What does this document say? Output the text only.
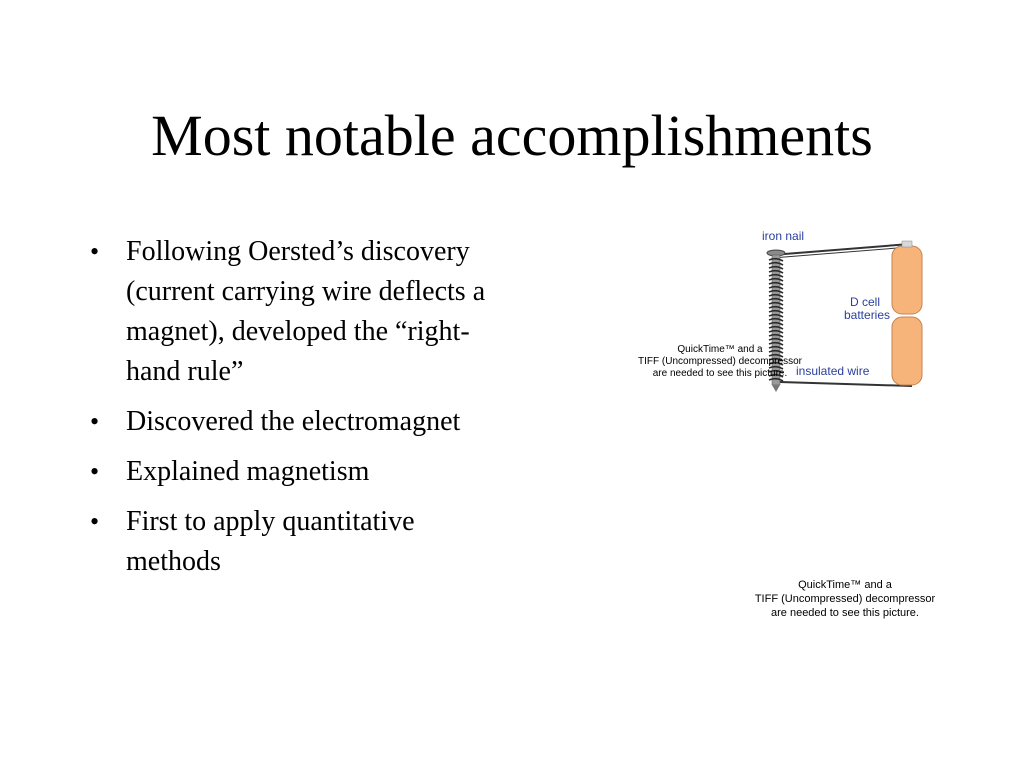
Most notable accomplishments
• Following Oersted’s discovery (current carrying wire deflects a magnet), developed the “right-hand rule”
• Discovered the electromagnet
• Explained magnetism
• First to apply quantitative methods
iron nail
D cell
batteries
insulated wire
QuickTime™ and a
TIFF (Uncompressed) decompressor
are needed to see this picture.
QuickTime™ and a
TIFF (Uncompressed) decompressor
are needed to see this picture.
